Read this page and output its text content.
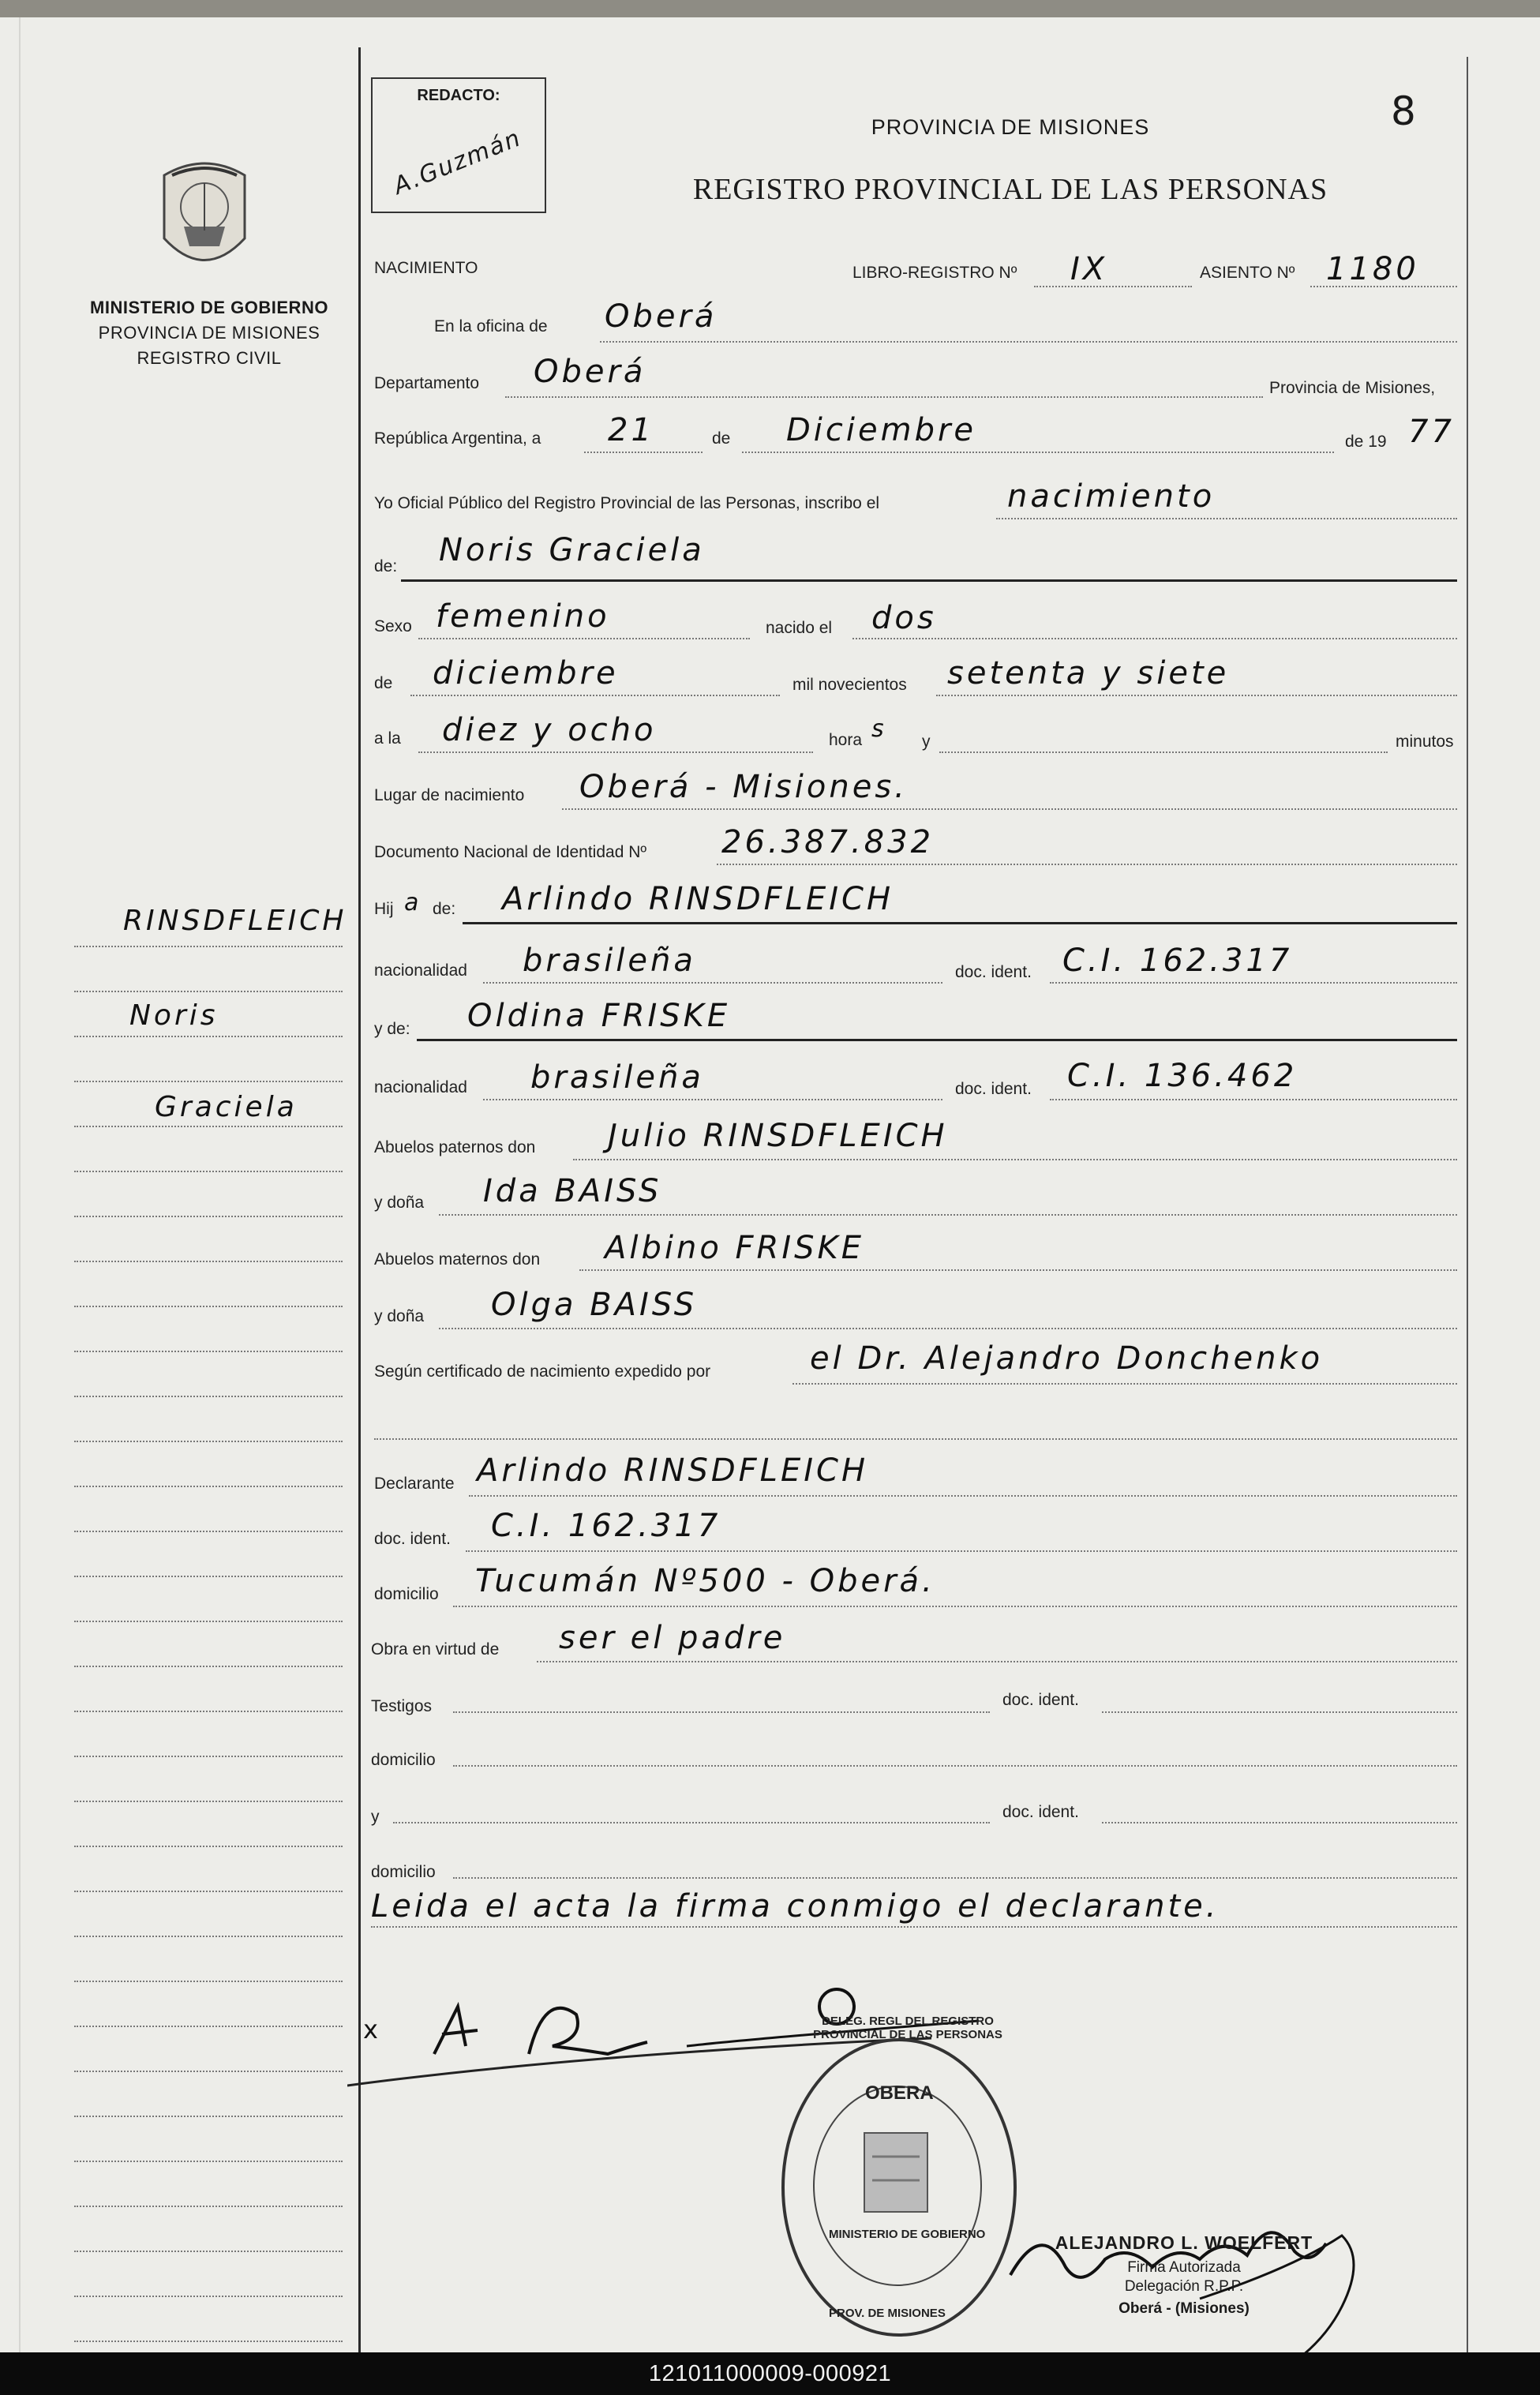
MINISTERIO DE GOBIERNO
PROVINCIA DE MISIONES
REGISTRO CIVIL
REDACTO:
A.Guzmán	PROVINCIA DE MISIONES
REGISTRO PROVINCIAL DE LAS PERSONAS
8
NACIMIENTO	LIBRO-REGISTRO Nº IX	ASIENTO Nº 1180
En la oficina de Oberá
Departamento Oberá	Provincia de Misiones,
República Argentina, a 21	de Diciembre	de 19 77
Yo Oficial Público del Registro Provincial de las Personas, inscribo el	nacimiento
de: Noris Graciela
Sexo femenino	nacido el dos
de diciembre	mil novecientos setenta y siete
a la diez y ocho	hora s y	minutos
Lugar de nacimiento Oberá - Misiones.
Documento Nacional de Identidad Nº 26.387.832
Hij a de: Arlindo RINSDFLEICH
nacionalidad brasileña	doc. ident. C.I. 162.317
y de: Oldina FRISKE
nacionalidad brasileña	doc. ident. C.I. 136.462
Abuelos paternos don Julio RINSDFLEICH
y doña Ida BAISS
Abuelos maternos don Albino FRISKE
y doña Olga BAISS
Según certificado de nacimiento expedido por	el Dr. Alejandro Donchenko
Declarante Arlindo RINSDFLEICH
doc. ident. C.I. 162.317
domicilio Tucumán Nº500 - Oberá.
Obra en virtud de ser el padre
Testigos	doc. ident.
domicilio
y	doc. ident.
domicilio
Leida el acta la firma conmigo el declarante.
x	DELEG. REGL DEL REGISTRO PROVINCIAL DE LAS PERSONAS
OBERA
MINISTERIO DE GOBIERNO
PROV. DE MISIONES
ALEJANDRO L. WOELFERT
Firma Autorizada
Delegación R.P.P.
Oberá - (Misiones)
RINSDFLEICH
Noris
Graciela
121011000009-000921
